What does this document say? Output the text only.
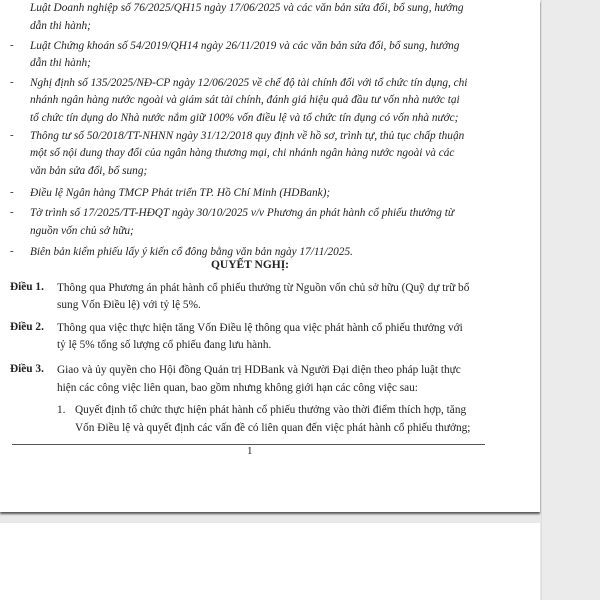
Luật Doanh nghiệp số 76/2025/QH15 ngày 17/06/2025 và các văn bản sửa đổi, bổ sung, hướng
dẫn thi hành;
- Luật Chứng khoán số 54/2019/QH14 ngày 26/11/2019 và các văn bản sửa đổi, bổ sung, hướng
dẫn thi hành;
- Nghị định số 135/2025/NĐ-CP ngày 12/06/2025 về chế độ tài chính đối với tổ chức tín dụng, chi
nhánh ngân hàng nước ngoài và giám sát tài chính, đánh giá hiệu quả đầu tư vốn nhà nước tại
tổ chức tín dụng do Nhà nước nắm giữ 100% vốn điều lệ và tổ chức tín dụng có vốn nhà nước;
- Thông tư số 50/2018/TT-NHNN ngày 31/12/2018 quy định về hồ sơ, trình tự, thủ tục chấp thuận
một số nội dung thay đổi của ngân hàng thương mại, chi nhánh ngân hàng nước ngoài và các
văn bản sửa đổi, bổ sung;
- Điều lệ Ngân hàng TMCP Phát triển TP. Hồ Chí Minh (HDBank);
- Tờ trình số 17/2025/TT-HĐQT ngày 30/10/2025 v/v Phương án phát hành cổ phiếu thưởng từ
nguồn vốn chủ sở hữu;
- Biên bản kiểm phiếu lấy ý kiến cổ đông bằng văn bản ngày 17/11/2025.
QUYẾT NGHỊ:
Điều 1. Thông qua Phương án phát hành cổ phiếu thưởng từ Nguồn vốn chủ sở hữu (Quỹ dự trữ bổ
sung Vốn Điều lệ) với tỷ lệ 5%.
Điều 2. Thông qua việc thực hiện tăng Vốn Điều lệ thông qua việc phát hành cổ phiếu thưởng với
tỷ lệ 5% tổng số lượng cổ phiếu đang lưu hành.
Điều 3. Giao và ủy quyền cho Hội đồng Quản trị HDBank và Người Đại diện theo pháp luật thực
hiện các công việc liên quan, bao gồm nhưng không giới hạn các công việc sau:
1. Quyết định tổ chức thực hiện phát hành cổ phiếu thưởng vào thời điểm thích hợp, tăng
Vốn Điều lệ và quyết định các vấn đề có liên quan đến việc phát hành cổ phiếu thưởng;
1
